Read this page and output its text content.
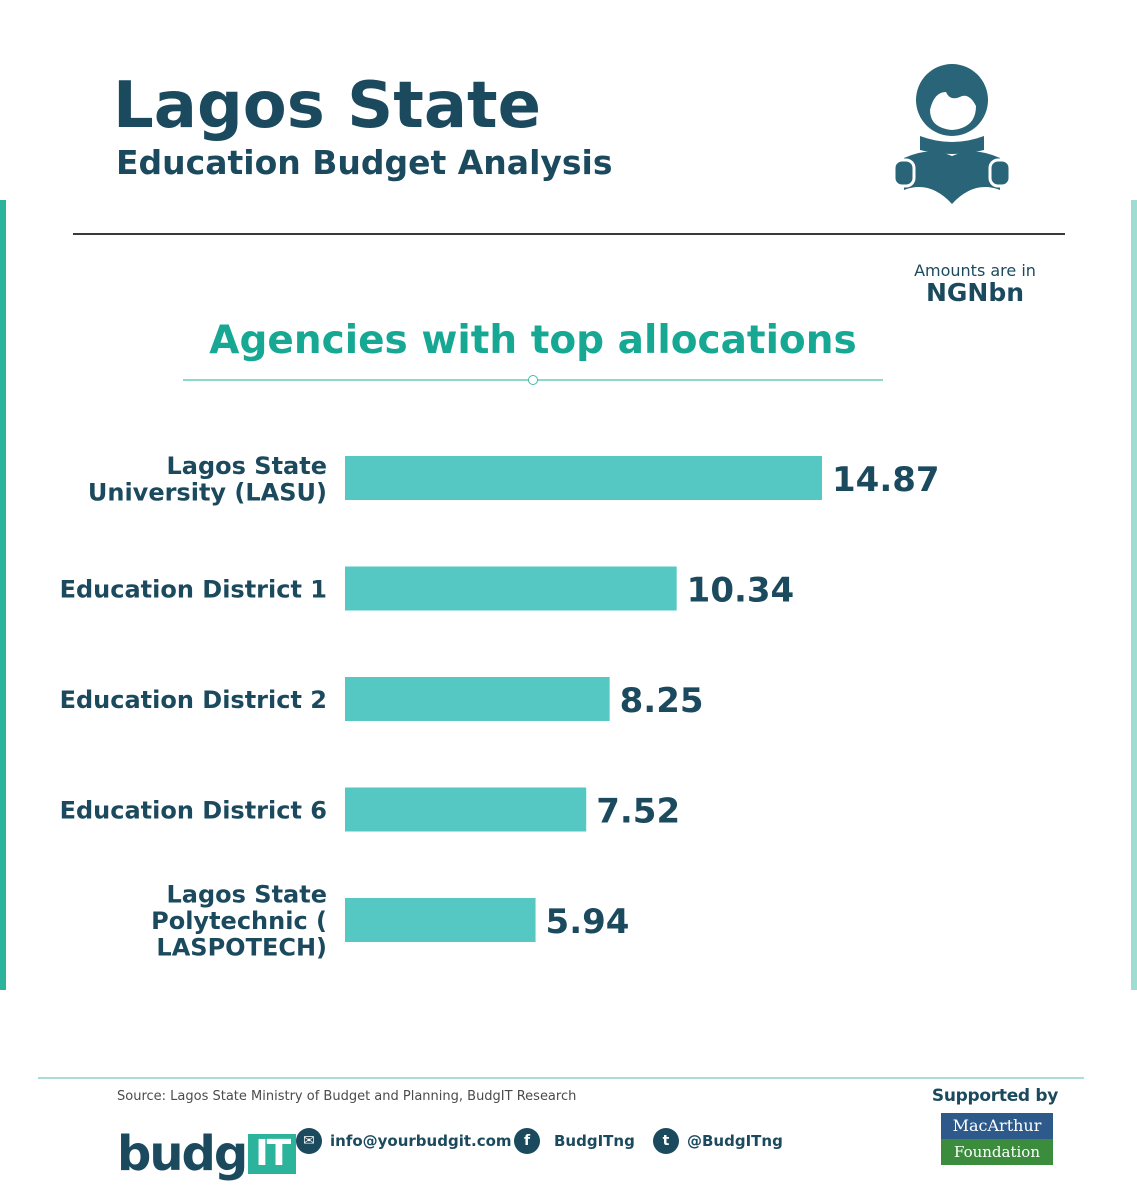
Lagos State
Education Budget Analysis
Amounts are in
NGNbn
Agencies with top allocations
14.87
Lagos State University (LASU)
10.34
Education District 1
8.25
Education District 2
7.52
Education District 6
5.94
Lagos State Polytechnic ( LASPOTECH)
Source: Lagos State Ministry of Budget and Planning, BudgIT Research
budg IT ✉	info@yourbudgit.com f	BudgITng	t	@BudgITng
Supported by
MacArthur
Foundation
